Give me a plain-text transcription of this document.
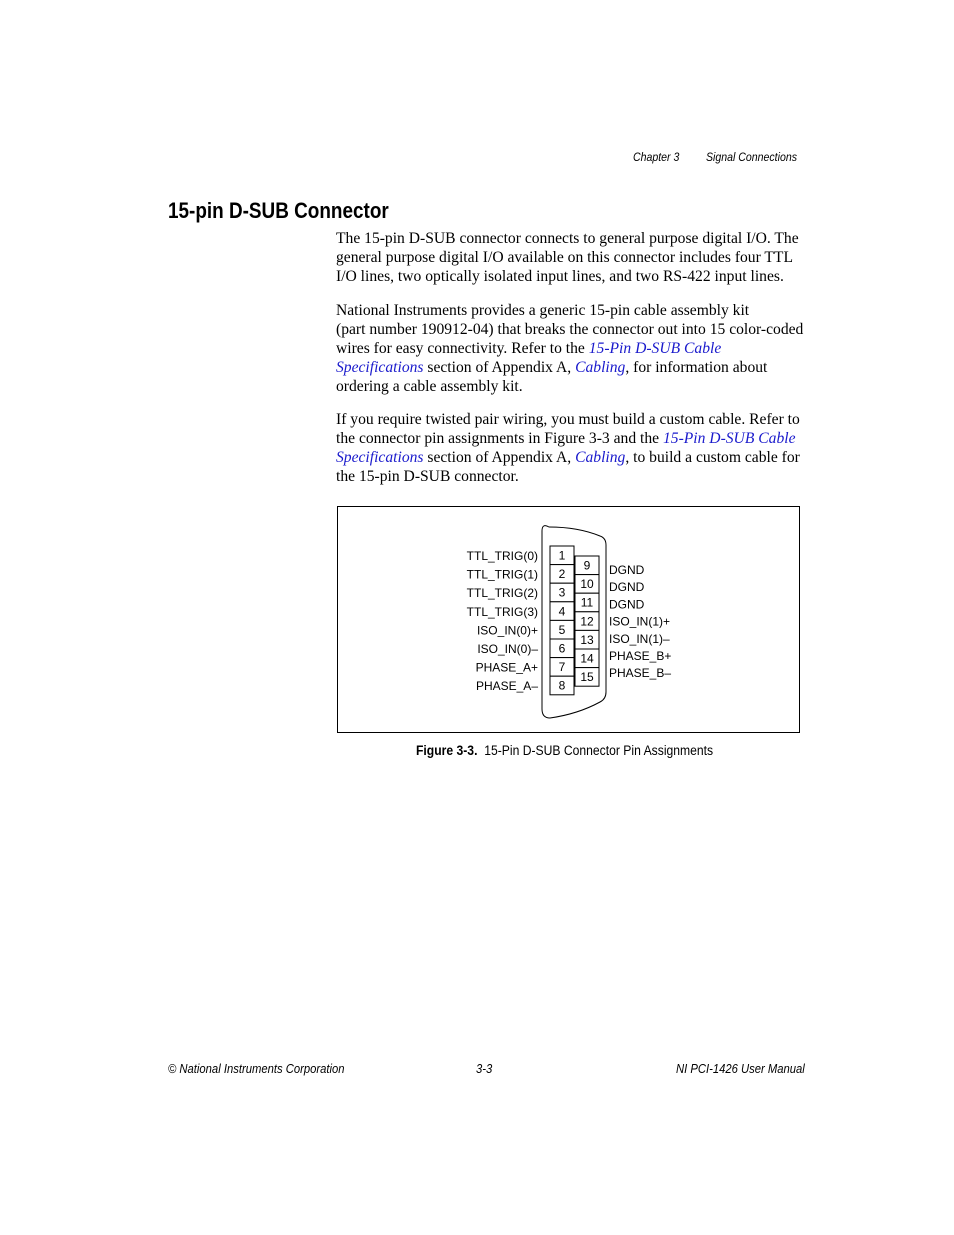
Chapter 3 Signal Connections
15-pin D-SUB Connector
The 15-pin D-SUB connector connects to general purpose digital I/O. The
general purpose digital I/O available on this connector includes four TTL
I/O lines, two optically isolated input lines, and two RS-422 input lines.
National Instruments provides a generic 15-pin cable assembly kit
(part number 190912-04) that breaks the connector out into 15 color-coded
wires for easy connectivity. Refer to the 15-Pin D-SUB Cable
Specifications section of Appendix A, Cabling, for information about
ordering a cable assembly kit.
If you require twisted pair wiring, you must build a custom cable. Refer to
the connector pin assignments in Figure 3-3 and the 15-Pin D-SUB Cable
Specifications section of Appendix A, Cabling, to build a custom cable for
the 15-pin D-SUB connector.
1
TTL_TRIG(0)
2
TTL_TRIG(1)
3
TTL_TRIG(2)
4
TTL_TRIG(3)
5
ISO_IN(0)+
6
ISO_IN(0)–
7
PHASE_A+
8
PHASE_A–
9
10
11
12
13
14
15
DGND
DGND
DGND
ISO_IN(1)+
ISO_IN(1)–
PHASE_B+
PHASE_B–
Figure 3-3. 15-Pin D-SUB Connector Pin Assignments
© National Instruments Corporation	3-3	NI PCI-1426 User Manual
